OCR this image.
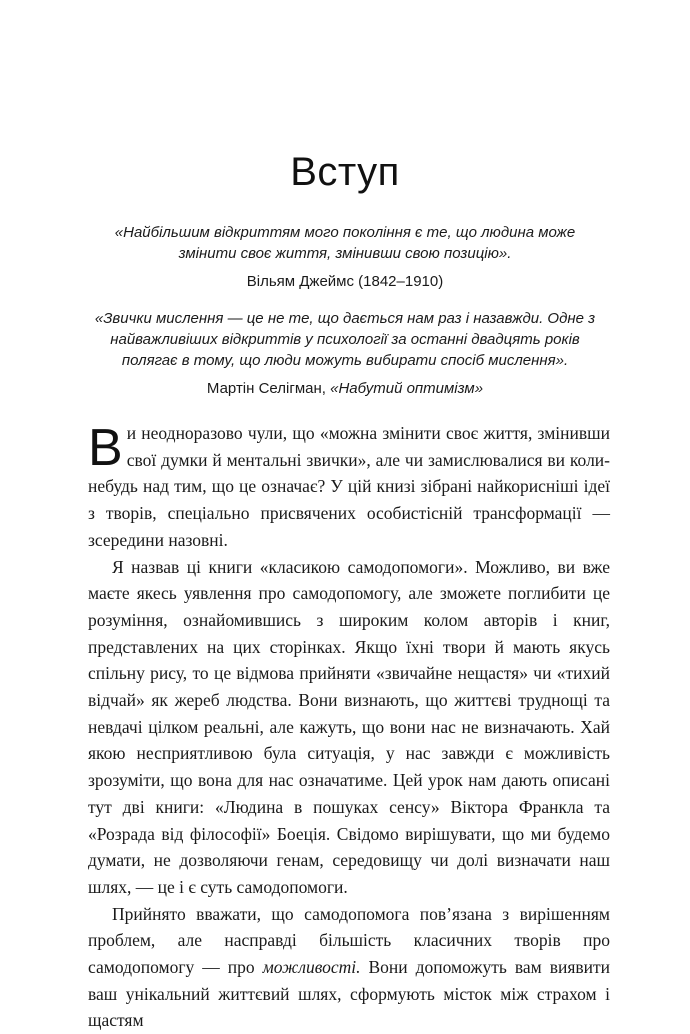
Вступ
«Найбільшим відкриттям мого покоління є те, що людина може змінити своє життя, змінивши свою позицію».
Вільям Джеймс (1842–1910)
«Звички мислення — це не те, що дається нам раз і назавжди. Одне з найважливіших відкриттів у психології за останні двадцять років полягає в тому, що люди можуть вибирати спосіб мислення».
Мартін Селігман, «Набутий оптимізм»

Ви неодноразово чули, що «можна змінити своє життя, змінивши свої думки й ментальні звички», але чи замислювалися ви коли-небудь над тим, що це означає? У цій книзі зібрані найкорисніші ідеї з творів, спеціально присвячених особистісній трансформації — зсередини назовні.

Я назвав ці книги «класикою самодопомоги». Можливо, ви вже маєте якесь уявлення про самодопомогу, але зможете поглибити це розуміння, ознайомившись з широким колом авторів і книг, представлених на цих сторінках. Якщо їхні твори й мають якусь спільну рису, то це відмова прийняти «звичайне нещастя» чи «тихий відчай» як жереб людства. Вони визнають, що життєві труднощі та невдачі цілком реальні, але кажуть, що вони нас не визначають. Хай якою несприятливою була ситуація, у нас завжди є можливість зрозуміти, що вона для нас означатиме. Цей урок нам дають описані тут дві книги: «Людина в пошуках сенсу» Віктора Франкла та «Розрада від філософії» Боеція. Свідомо вирішувати, що ми будемо думати, не дозволяючи генам, середовищу чи долі визначати наш шлях, — це і є суть самодопомоги.

Прийнято вважати, що самодопомога пов’язана з вирішенням проблем, але насправді більшість класичних творів про самодопомогу — про можливості. Вони допоможуть вам виявити ваш унікальний життєвий шлях, сформують місток між страхом і щастям
